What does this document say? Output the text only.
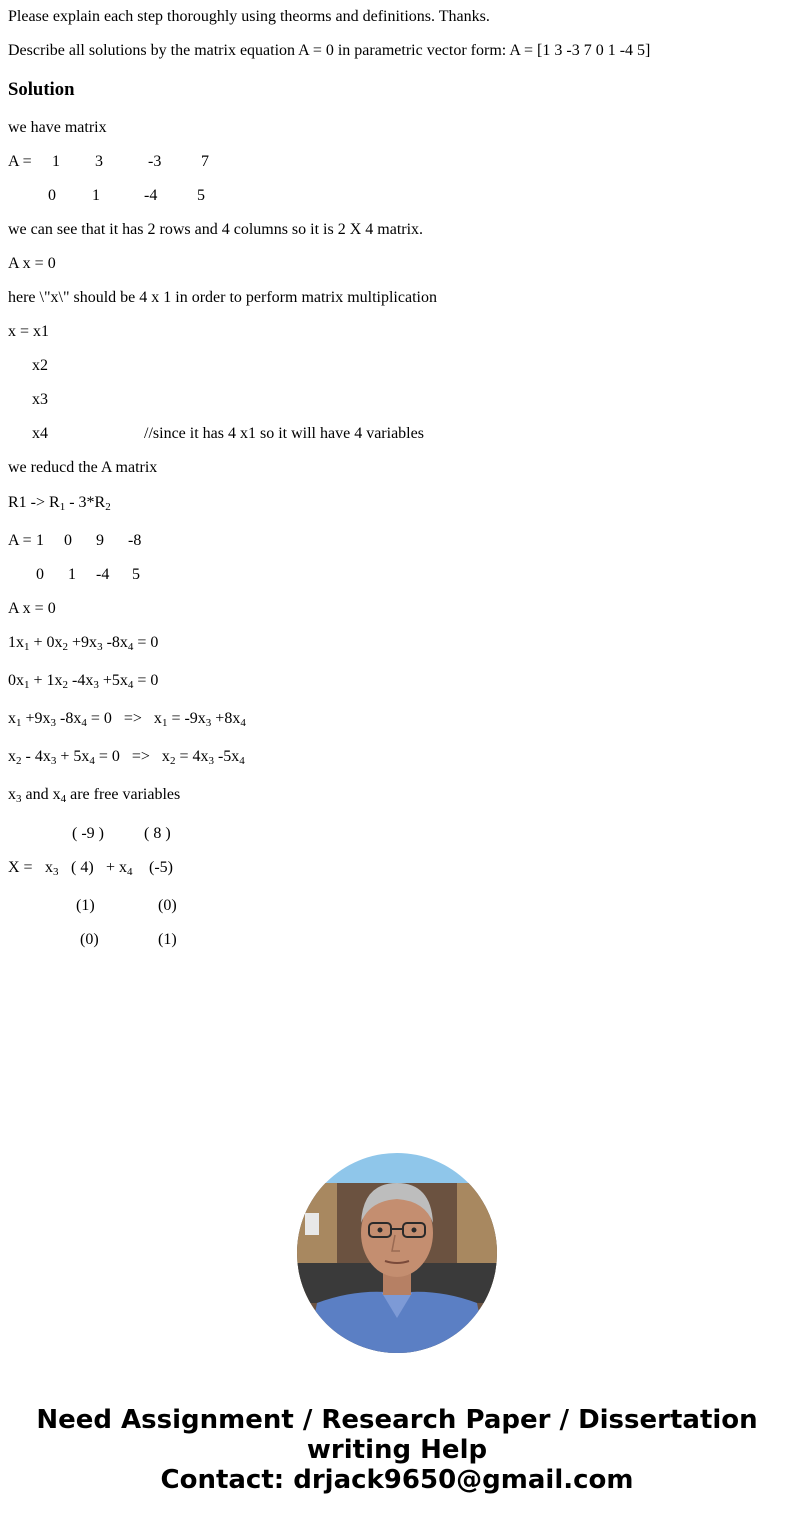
Please explain each step thoroughly using theorms and definitions. Thanks.
Describe all solutions by the matrix equation A = 0 in parametric vector form: A = [1 3 -3 7 0 1 -4 5]
Solution
we have matrix
A = 1 3	-3 7
0 1	-4 5
we can see that it has 2 rows and 4 columns so it is 2 X 4 matrix.
A x = 0
here \"x\" should be 4 x 1 in order to perform matrix multiplication
x = x1
x2
x3
x4	//since it has 4 x1 so it will have 4 variables
we reducd the A matrix
$R1 -> R_1 - 3*R_2$
A = 1 0 9 -8
0 1 -4 5
A x = 0
$1x_1 + 0x_2 +9x_3$ $-8x_4 = 0$
$0x_1 + 1x_2$ $-4x_3 +5x_4 = 0$
$x_1 +9x_3$ $-8x_4 = 0 => x_1 = -9x_3 +8x_4$
$x_2 - 4x_3 + 5x_4 = 0 => x_2 = 4x_3$ $-5x_4$
$x_3$ and $x_4$ are free variables
( -9 )	( 8 )
$X = x_3$ ( $4) + x_4$ (-5)
(1)	(0)
(0)	(1)
Need Assignment / Research Paper / Dissertation
writing Help
Contact: drjack9650@gmail.com
